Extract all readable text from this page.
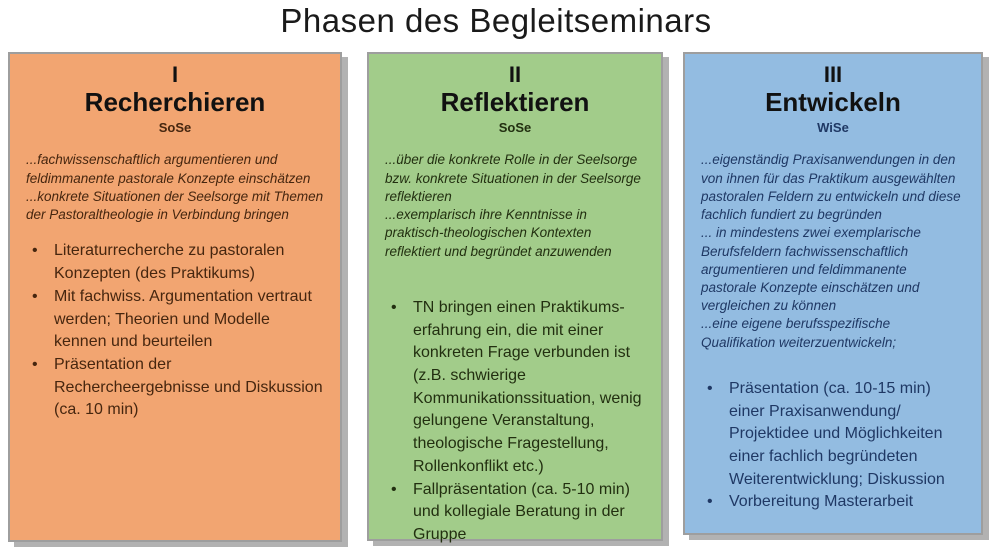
Phasen des Begleitseminars
I
Recherchieren
SoSe

...fachwissenschaftlich argumentieren und feldimmanente pastorale Konzepte einschätzen

...konkrete Situationen der Seelsorge mit Themen der Pastoraltheologie in Verbindung bringen

• Literaturrecherche zu pastoralen Konzepten (des Praktikums)
• Mit fachwiss. Argumentation vertraut werden; Theorien und Modelle kennen und beurteilen
• Präsentation der Rechercheergebnisse und Diskussion (ca. 10 min)
II
Reflektieren
SoSe

...über die konkrete Rolle in der Seelsorge bzw. konkrete Situationen in der Seelsorge reflektieren

...exemplarisch ihre Kenntnisse in praktisch-theologischen Kontexten reflektiert und begründet anzuwenden

• TN bringen einen Praktikums-erfahrung ein, die mit einer konkreten Frage verbunden ist (z.B. schwierige Kommunikationssituation, wenig gelungene Veranstaltung, theologische Fragestellung, Rollenkonflikt etc.)
• Fallpräsentation (ca. 5-10 min) und kollegiale Beratung in der Gruppe
III
Entwickeln
WiSe

...eigenständig Praxisanwendungen in den von ihnen für das Praktikum ausgewählten pastoralen Feldern zu entwickeln und diese fachlich fundiert zu begründen

... in mindestens zwei exemplarische Berufsfeldern fachwissenschaftlich argumentieren und feldimmanente pastorale Konzepte einschätzen und vergleichen zu können

...eine eigene berufsspezifische Qualifikation weiterzuentwickeln;

• Präsentation (ca. 10-15 min) einer Praxisanwendung/ Projektidee und Möglichkeiten einer fachlich begründeten Weiterentwicklung; Diskussion
• Vorbereitung Masterarbeit
